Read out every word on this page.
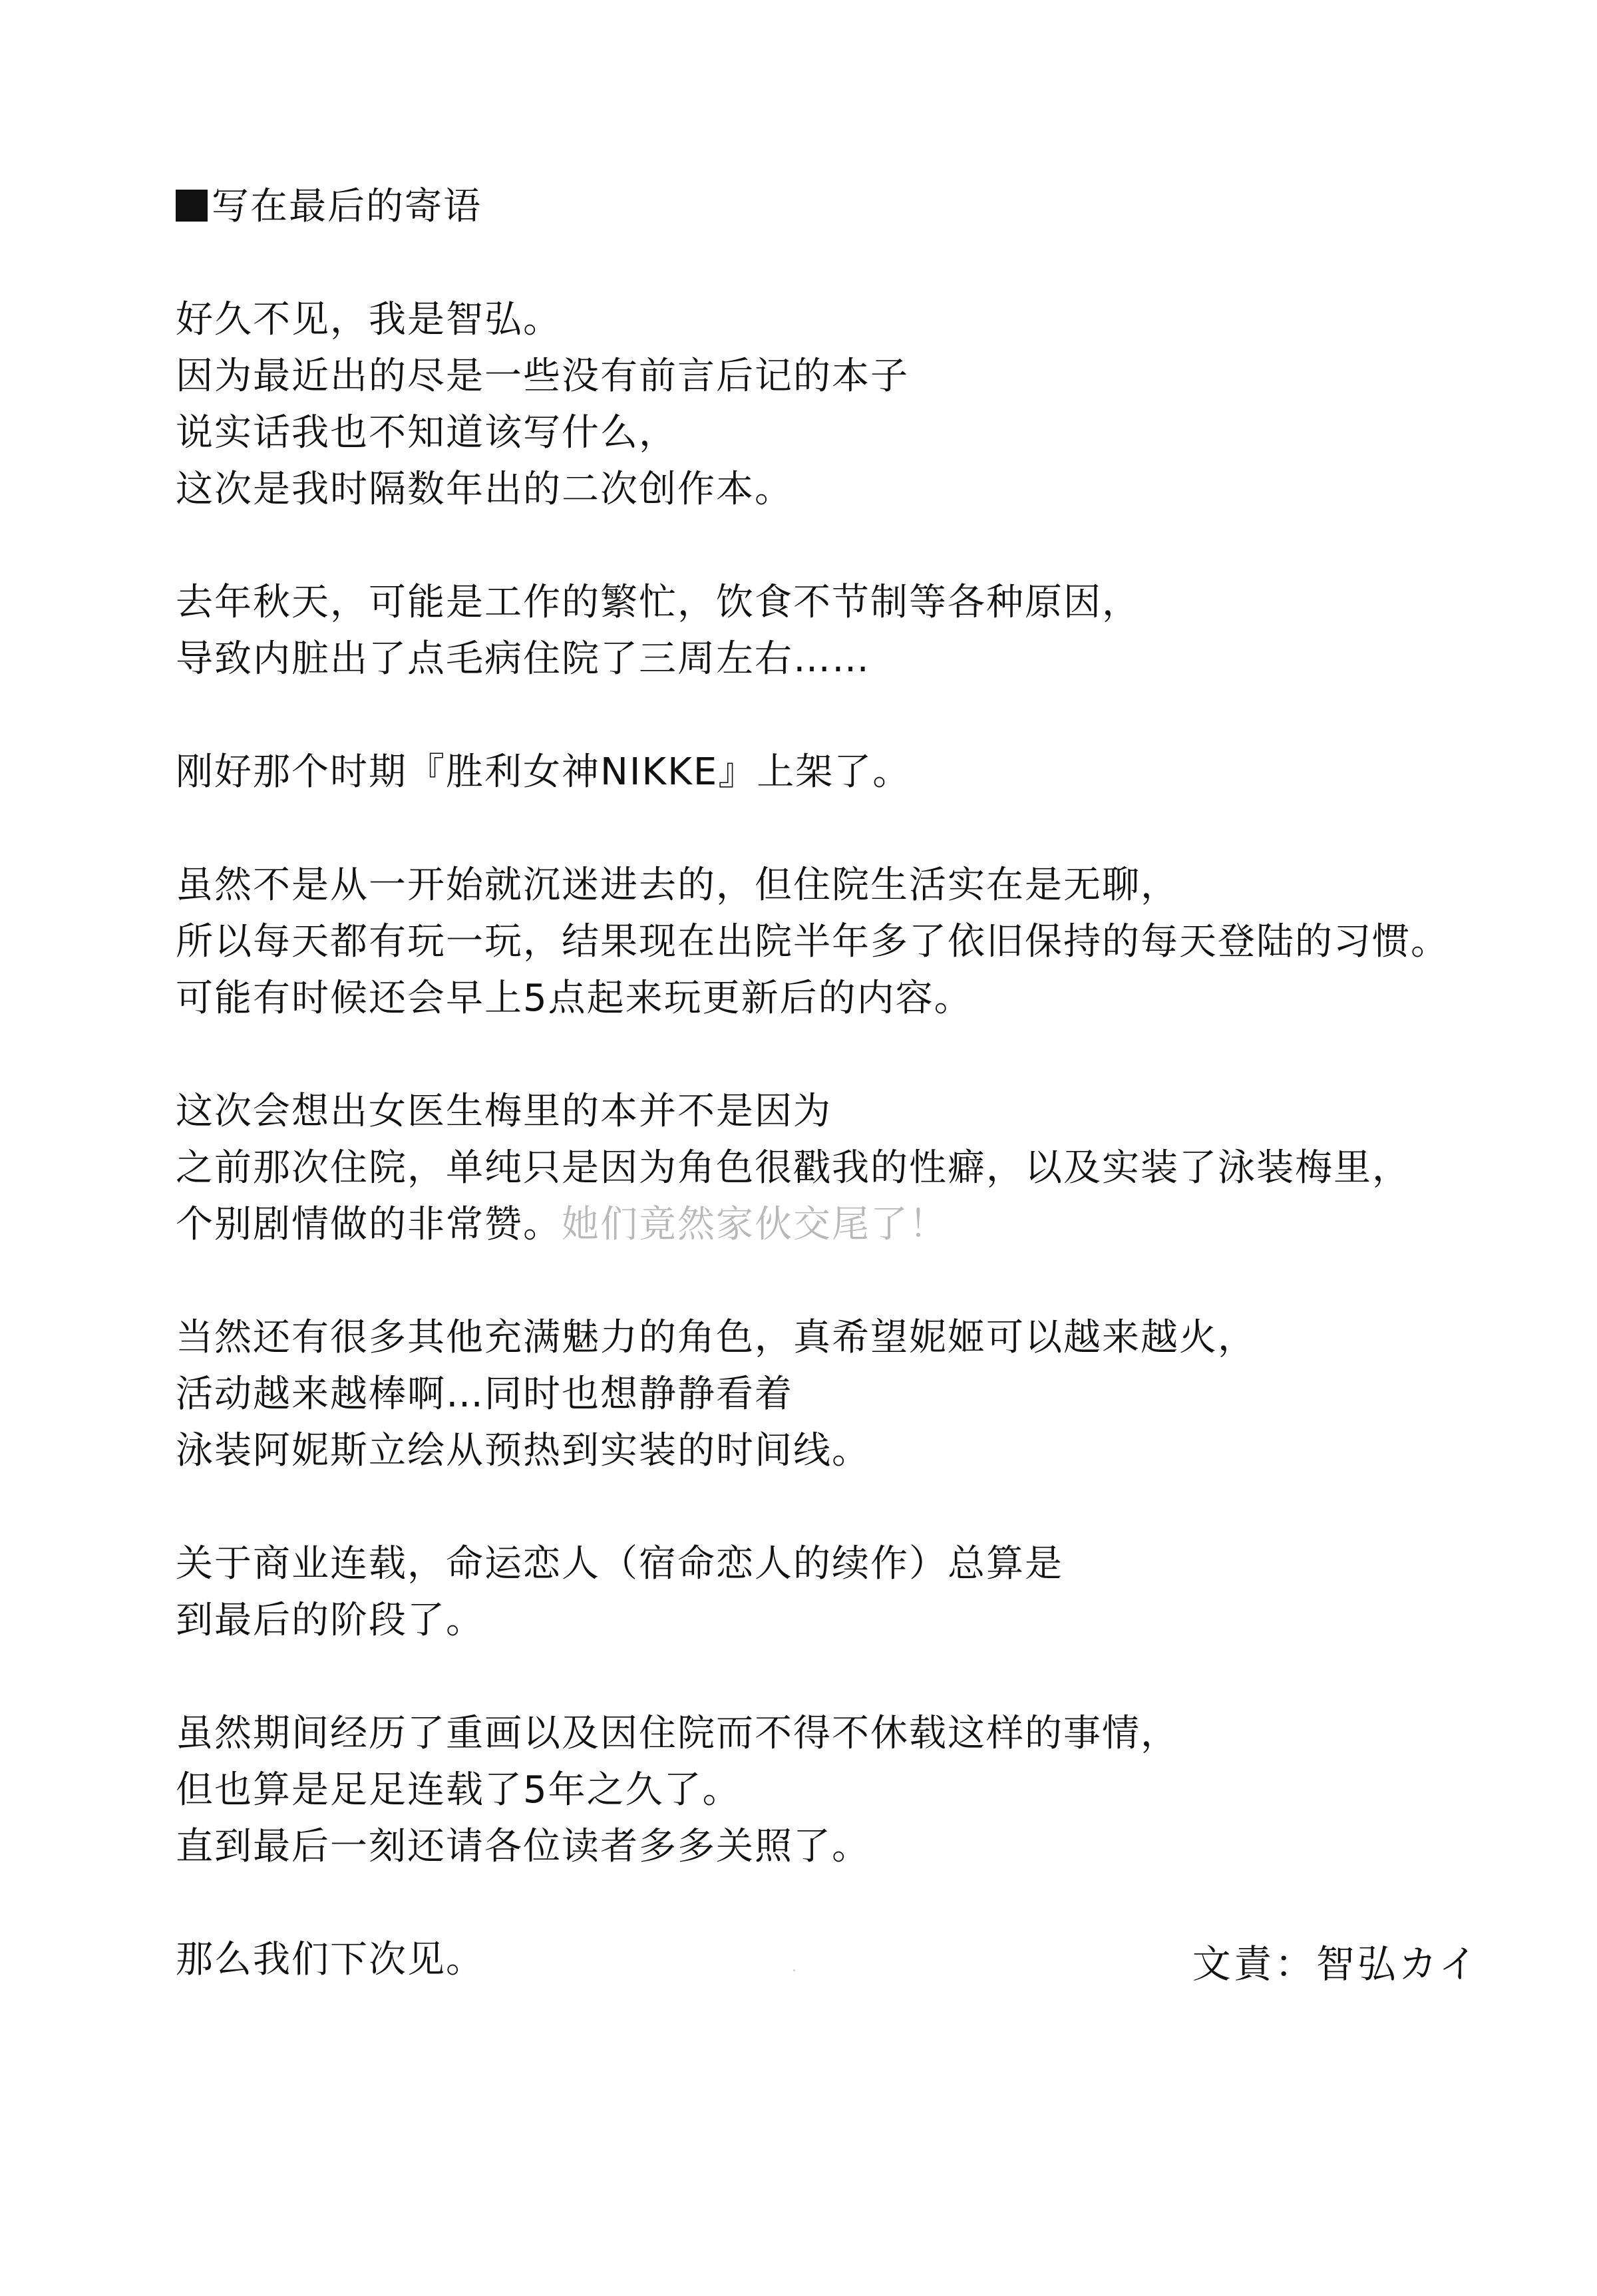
写在最后的寄语
好久不见，我是智弘。
因为最近出的尽是一些没有前言后记的本子
说实话我也不知道该写什么，
这次是我时隔数年出的二次创作本。
去年秋天，可能是工作的繁忙，饮食不节制等各种原因，
导致内脏出了点毛病住院了三周左右……
刚好那个时期『胜利女神NIKKE』上架了。
虽然不是从一开始就沉迷进去的，但住院生活实在是无聊，
所以每天都有玩一玩，结果现在出院半年多了依旧保持的每天登陆的习惯。
可能有时候还会早上5点起来玩更新后的内容。
这次会想出女医生梅里的本并不是因为
之前那次住院，单纯只是因为角色很戳我的性癖，以及实装了泳装梅里，
个别剧情做的非常赞。她们竟然家伙交尾了！
当然还有很多其他充满魅力的角色，真希望妮姬可以越来越火，
活动越来越棒啊…同时也想静静看着
泳装阿妮斯立绘从预热到实装的时间线。
关于商业连载，命运恋人（宿命恋人的续作）总算是
到最后的阶段了。
虽然期间经历了重画以及因住院而不得不休载这样的事情，
但也算是足足连载了5年之久了。
直到最后一刻还请各位读者多多关照了。
那么我们下次见。	文責：智弘カイ
